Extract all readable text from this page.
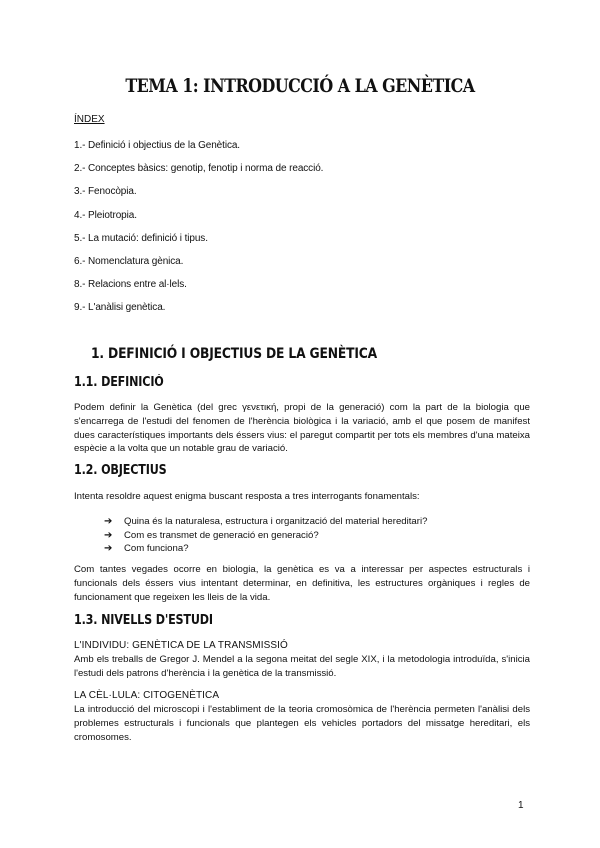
TEMA 1: INTRODUCCIÓ A LA GENÈTICA
ÍNDEX
1.- Definició i objectius de la Genètica.
2.- Conceptes bàsics: genotip, fenotip i norma de reacció.
3.- Fenocòpia.
4.- Pleiotropia.
5.- La mutació: definició i tipus.
6.- Nomenclatura gènica.
8.- Relacions entre al·lels.
9.- L'anàlisi genètica.
1. DEFINICIÓ I OBJECTIUS DE LA GENÈTICA
1.1. DEFINICIÓ

Podem definir la Genètica (del grec γενετική, propi de la generació) com la part de la biologia que s'encarrega de l'estudi del fenomen de l'herència biològica i la variació, amb el que posem de manifest dues característiques importants dels éssers vius: el paregut compartit per tots els membres d'una mateixa espècie a la volta que un notable grau de variació.

1.2. OBJECTIUS

Intenta resoldre aquest enigma buscant resposta a tres interrogants fonamentals:

➔ Quina és la naturalesa, estructura i organització del material hereditari?
➔ Com es transmet de generació en generació?
➔ Com funciona?

Com tantes vegades ocorre en biologia, la genètica es va a interessar per aspectes estructurals i funcionals dels éssers vius intentant determinar, en definitiva, les estructures orgàniques i regles de funcionament que regeixen les lleis de la vida.

1.3. NIVELLS D'ESTUDI
L'INDIVIDU: GENÈTICA DE LA TRANSMISSIÓ

Amb els treballs de Gregor J. Mendel a la segona meitat del segle XIX, i la metodologia introduïda, s'inicia l'estudi dels patrons d'herència i la genètica de la transmissió.

LA CÈL·LULA: CITOGENÈTICA

La introducció del microscopi i l'establiment de la teoria cromosòmica de l'herència permeten l'anàlisi dels problemes estructurals i funcionals que plantegen els vehicles portadors del missatge hereditari, els cromosomes.

1
